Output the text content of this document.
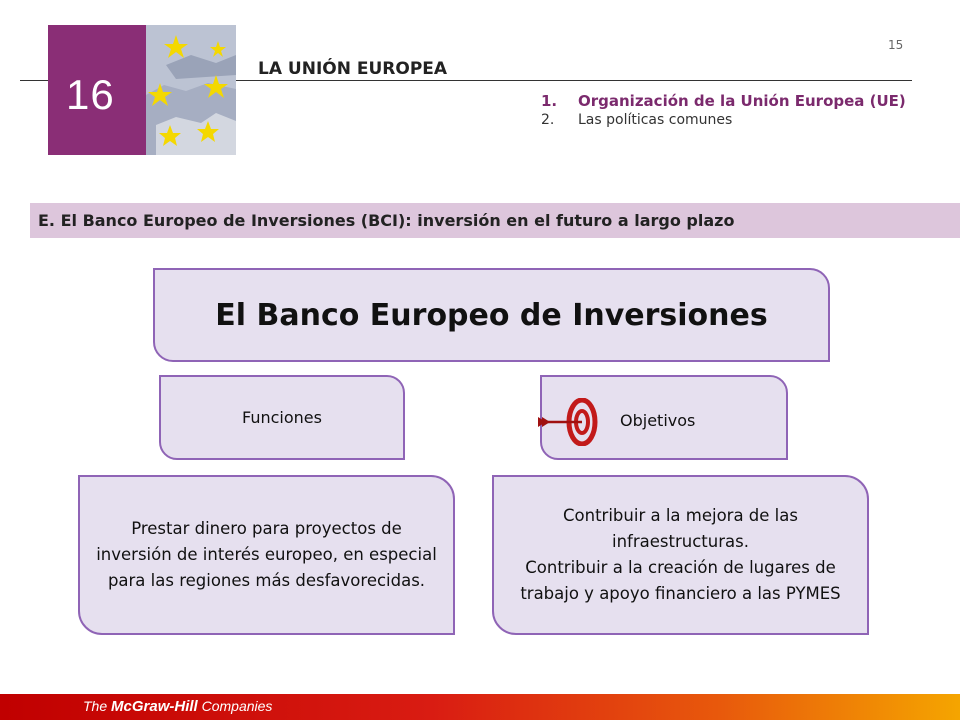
16
LA UNIÓN EUROPEA
15
1.	Organización de la Unión Europea (UE)
2.	Las políticas comunes
E. El Banco Europeo de Inversiones (BCI): inversión en el futuro a largo plazo
El Banco Europeo de Inversiones
Funciones	Objetivos
Prestar dinero para proyectos de inversión de interés europeo, en especial para las regiones más desfavorecidas.
Contribuir a la mejora de las infraestructuras.
Contribuir a la creación de lugares de trabajo y apoyo financiero a las PYMES
The McGraw-Hill Companies
